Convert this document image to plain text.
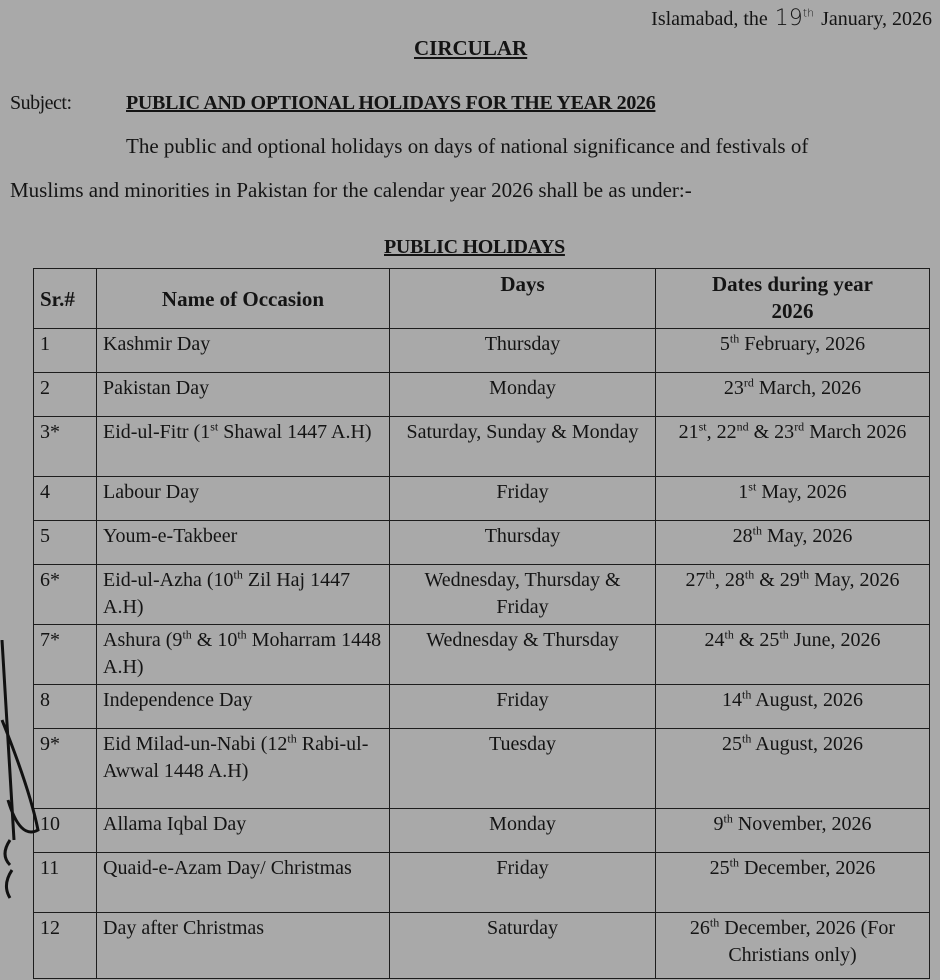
Islamabad, the 19th January, 2026
CIRCULAR
Subject:	PUBLIC AND OPTIONAL HOLIDAYS FOR THE YEAR 2026
The public and optional holidays on days of national significance and festivals of
Muslims and minorities in Pakistan for the calendar year 2026 shall be as under:-
PUBLIC HOLIDAYS
Sr.#	Name of Occasion	Days	Dates during year
2026
1	Kashmir Day	Thursday	5th February, 2026
2	Pakistan Day	Monday	23rd March, 2026
3*	Eid-ul-Fitr (1st Shawal 1447 A.H)	Saturday, Sunday & Monday	21st, 22nd & 23rd March 2026
4	Labour Day	Friday	1st May, 2026
5	Youm-e-Takbeer	Thursday	28th May, 2026
6*	Eid-ul-Azha (10th Zil Haj 1447 A.H)	Wednesday, Thursday & Friday	27th, 28th & 29th May, 2026
7*	Ashura (9th & 10th Moharram 1448 A.H)	Wednesday & Thursday	24th & 25th June, 2026
8	Independence Day	Friday	14th August, 2026
9*	Eid Milad-un-Nabi (12th Rabi-ul- Awwal 1448 A.H)	Tuesday	25th August, 2026
10	Allama Iqbal Day	Monday	9th November, 2026
11	Quaid-e-Azam Day/ Christmas	Friday	25th December, 2026
12	Day after Christmas	Saturday	26th December, 2026 (For Christians only)
